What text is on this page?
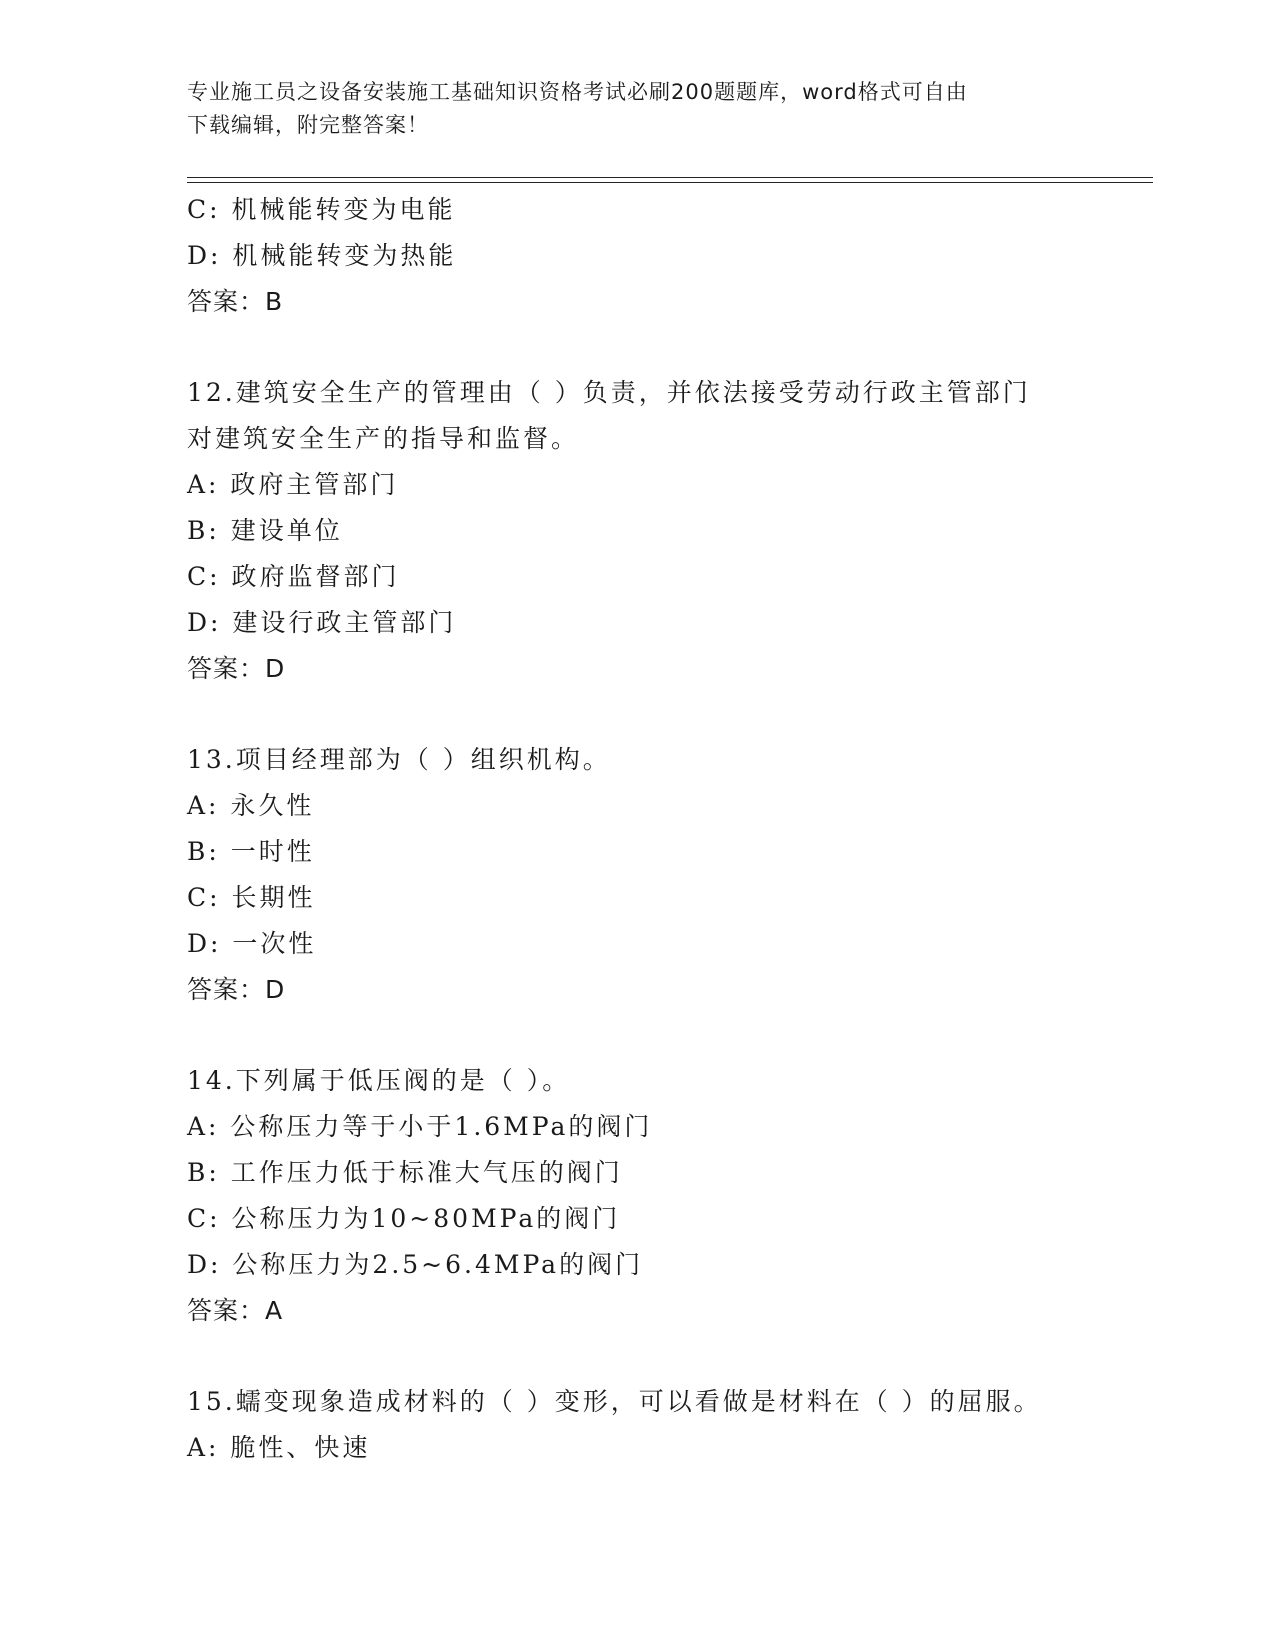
专业施工员之设备安装施工基础知识资格考试必刷200题题库，word格式可自由
下载编辑，附完整答案！
C: 机械能转变为电能
D: 机械能转变为热能
答案：B
12.建筑安全生产的管理由（ ）负责，并依法接受劳动行政主管部门
对建筑安全生产的指导和监督。
A: 政府主管部门
B: 建设单位
C: 政府监督部门
D: 建设行政主管部门
答案：D
13.项目经理部为（ ）组织机构。
A: 永久性
B: 一时性
C: 长期性
D: 一次性
答案：D
14.下列属于低压阀的是（ ）。
A: 公称压力等于小于1.6MPa的阀门
B: 工作压力低于标准大气压的阀门
C: 公称压力为10~80MPa的阀门
D: 公称压力为2.5~6.4MPa的阀门
答案：A
15.蠕变现象造成材料的（ ）变形，可以看做是材料在（ ）的屈服。
A: 脆性、快速
